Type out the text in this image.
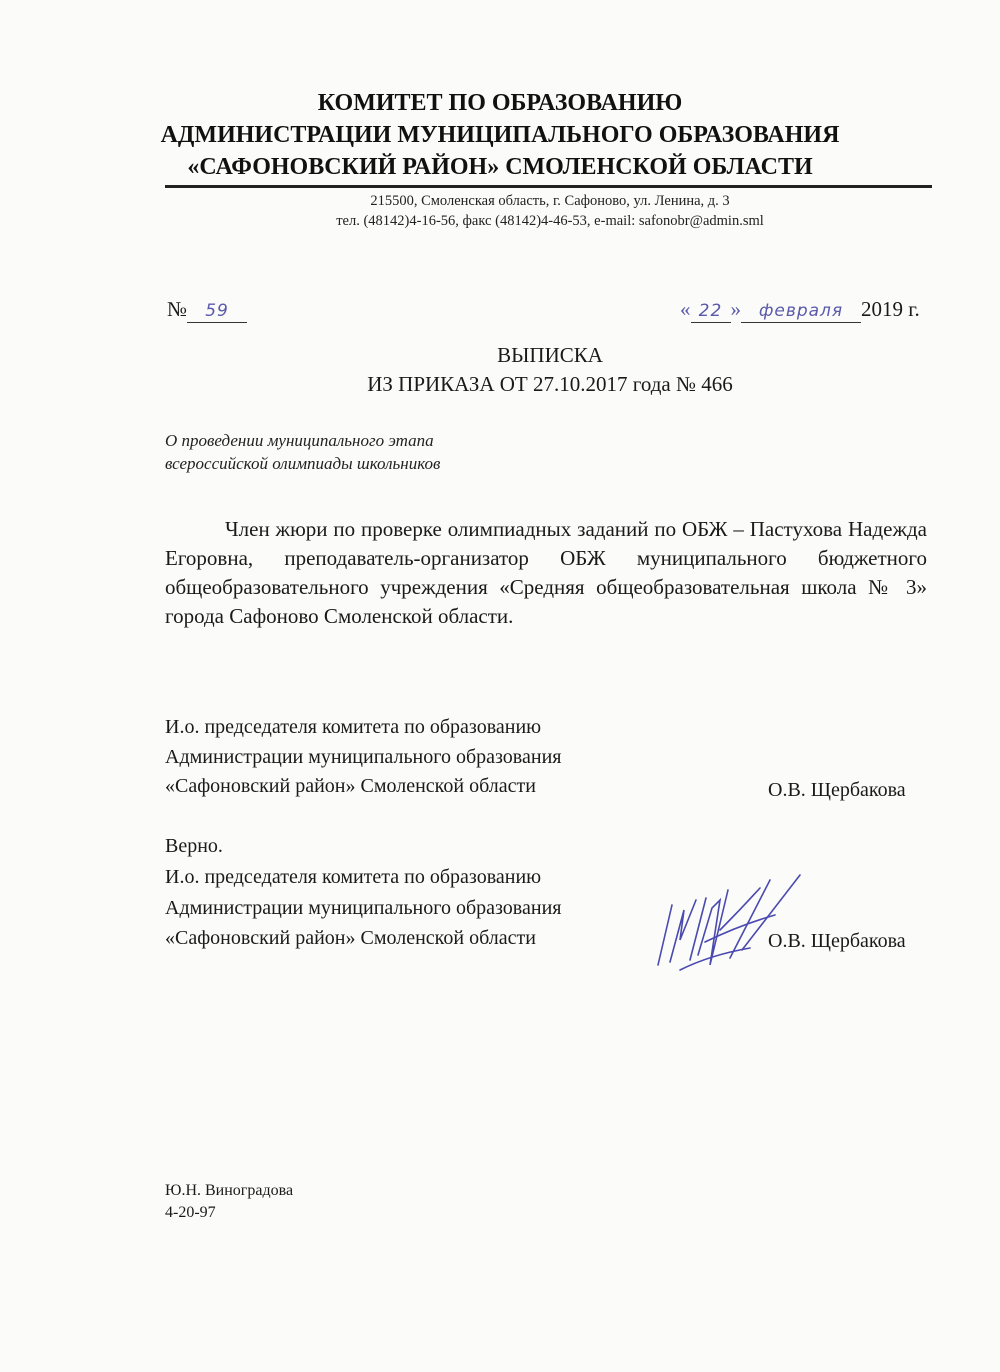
КОМИТЕТ ПО ОБРАЗОВАНИЮ
АДМИНИСТРАЦИИ МУНИЦИПАЛЬНОГО ОБРАЗОВАНИЯ
«САФОНОВСКИЙ РАЙОН» СМОЛЕНСКОЙ ОБЛАСТИ
215500, Смоленская область, г. Сафоново, ул. Ленина, д. 3
тел. (48142)4-16-56, факс (48142)4-46-53, e-mail: safonobr@admin.sml
№ 59	« 22 » февраля 2019 г.
ВЫПИСКА
ИЗ ПРИКАЗА ОТ 27.10.2017 года № 466
О проведении муниципального этапа
всероссийской олимпиады школьников
Член жюри по проверке олимпиадных заданий по ОБЖ – Пастухова Надежда Егоровна, преподаватель-организатор ОБЖ муниципального бюджетного общеобразовательного учреждения «Средняя общеобразовательная школа № 3» города Сафоново Смоленской области.
И.о. председателя комитета по образованию
Администрации муниципального образования
«Сафоновский район» Смоленской области	О.В. Щербакова
Верно.
И.о. председателя комитета по образованию
Администрации муниципального образования
«Сафоновский район» Смоленской области	О.В. Щербакова
Ю.Н. Виноградова
4-20-97
